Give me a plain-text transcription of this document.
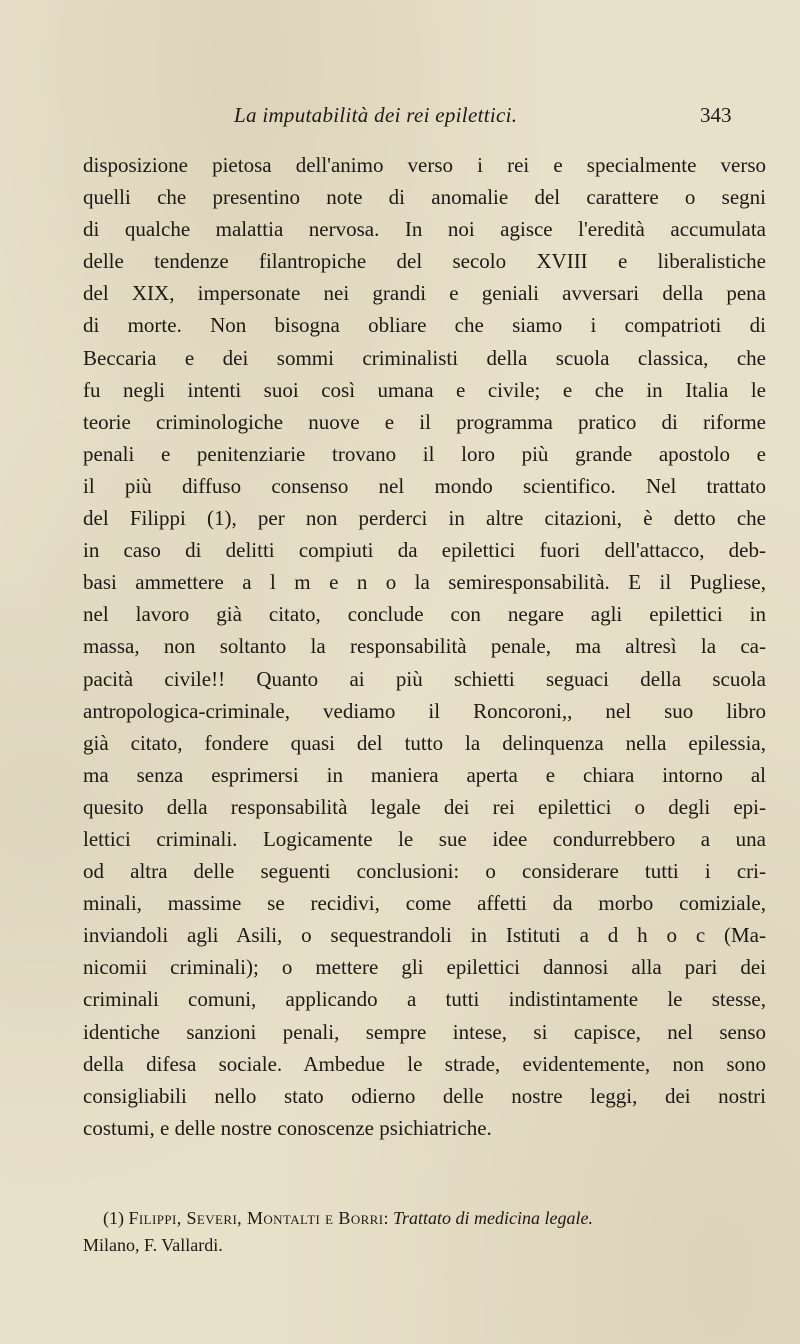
La imputabilità dei rei epilettici.	343
disposizione pietosa dell'animo verso i rei e specialmente verso
quelli che presentino note di anomalie del carattere o segni
di qualche malattia nervosa. In noi agisce l'eredità accumulata
delle tendenze filantropiche del secolo XVIII e liberalistiche
del XIX, impersonate nei grandi e geniali avversari della pena
di morte. Non bisogna obliare che siamo i compatrioti di
Beccaria e dei sommi criminalisti della scuola classica, che
fu negli intenti suoi così umana e civile; e che in Italia le
teorie criminologiche nuove e il programma pratico di riforme
penali e penitenziarie trovano il loro più grande apostolo e
il più diffuso consenso nel mondo scientifico. Nel trattato
del Filippi (1), per non perderci in altre citazioni, è detto che
in caso di delitti compiuti da epilettici fuori dell'attacco, deb-
basi ammettere a l m e n o la semiresponsabilità. E il Pugliese,
nel lavoro già citato, conclude con negare agli epilettici in
massa, non soltanto la responsabilità penale, ma altresì la ca-
pacità civile!! Quanto ai più schietti seguaci della scuola
antropologica-criminale, vediamo il Roncoroni,, nel suo libro
già citato, fondere quasi del tutto la delinquenza nella epilessia,
ma senza esprimersi in maniera aperta e chiara intorno al
quesito della responsabilità legale dei rei epilettici o degli epi-
lettici criminali. Logicamente le sue idee condurrebbero a una
od altra delle seguenti conclusioni: o considerare tutti i cri-
minali, massime se recidivi, come affetti da morbo comiziale,
inviandoli agli Asili, o sequestrandoli in Istituti a d h o c (Ma-
nicomii criminali); o mettere gli epilettici dannosi alla pari dei
criminali comuni, applicando a tutti indistintamente le stesse,
identiche sanzioni penali, sempre intese, si capisce, nel senso
della difesa sociale. Ambedue le strade, evidentemente, non sono
consigliabili nello stato odierno delle nostre leggi, dei nostri
costumi, e delle nostre conoscenze psichiatriche.
(1) Filippi, Severi, Montalti e Borri: Trattato di medicina legale.
Milano, F. Vallardi.
